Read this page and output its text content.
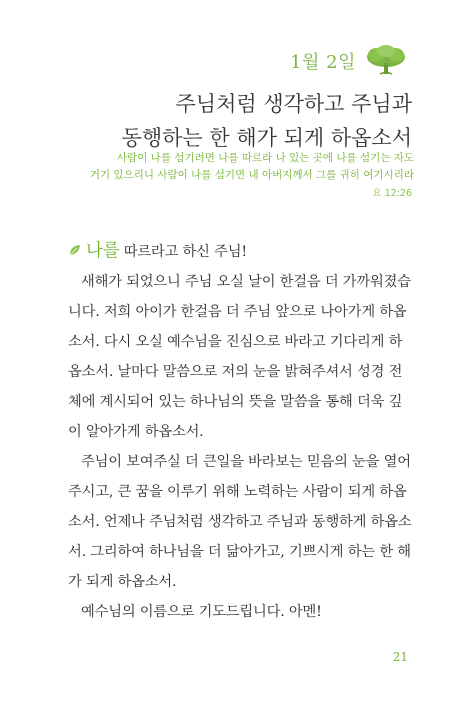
1월 2일
주님처럼 생각하고 주님과
동행하는 한 해가 되게 하옵소서
사람이 나를 섬기려면 나를 따르라 나 있는 곳에 나를 섬기는 자도
거기 있으리니 사람이 나를 섬기면 내 아버지께서 그를 귀히 여기시리라
요 12:26
나를 따르라고 하신 주님!
새해가 되었으니 주님 오실 날이 한걸음 더 가까워졌습
니다. 저희 아이가 한걸음 더 주님 앞으로 나아가게 하옵
소서. 다시 오실 예수님을 진심으로 바라고 기다리게 하
옵소서. 날마다 말씀으로 저의 눈을 밝혀주셔서 성경 전
체에 계시되어 있는 하나님의 뜻을 말씀을 통해 더욱 깊
이 알아가게 하옵소서.
주님이 보여주실 더 큰일을 바라보는 믿음의 눈을 열어
주시고, 큰 꿈을 이루기 위해 노력하는 사람이 되게 하옵
소서. 언제나 주님처럼 생각하고 주님과 동행하게 하옵소
서. 그리하여 하나님을 더 닮아가고, 기쁘시게 하는 한 해
가 되게 하옵소서.
예수님의 이름으로 기도드립니다. 아멘!
21
